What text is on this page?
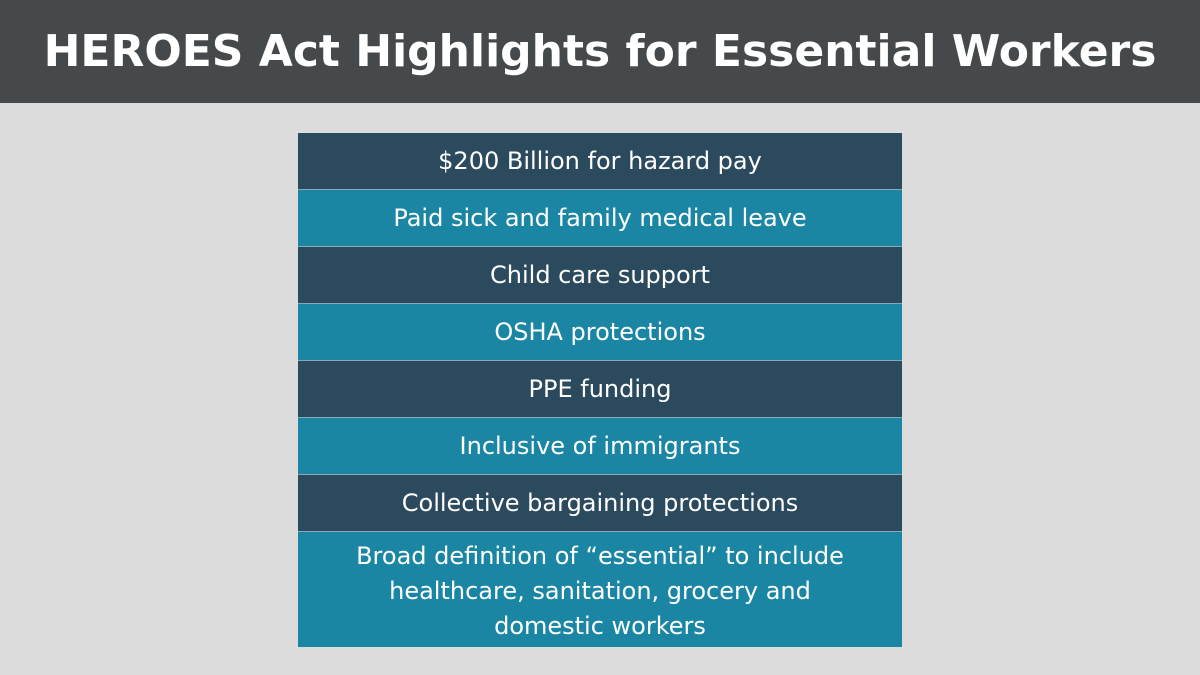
HEROES Act Highlights for Essential Workers
$200 Billion for hazard pay
Paid sick and family medical leave
Child care support
OSHA protections
PPE funding
Inclusive of immigrants
Collective bargaining protections
Broad definition of “essential” to include healthcare, sanitation, grocery and domestic workers
